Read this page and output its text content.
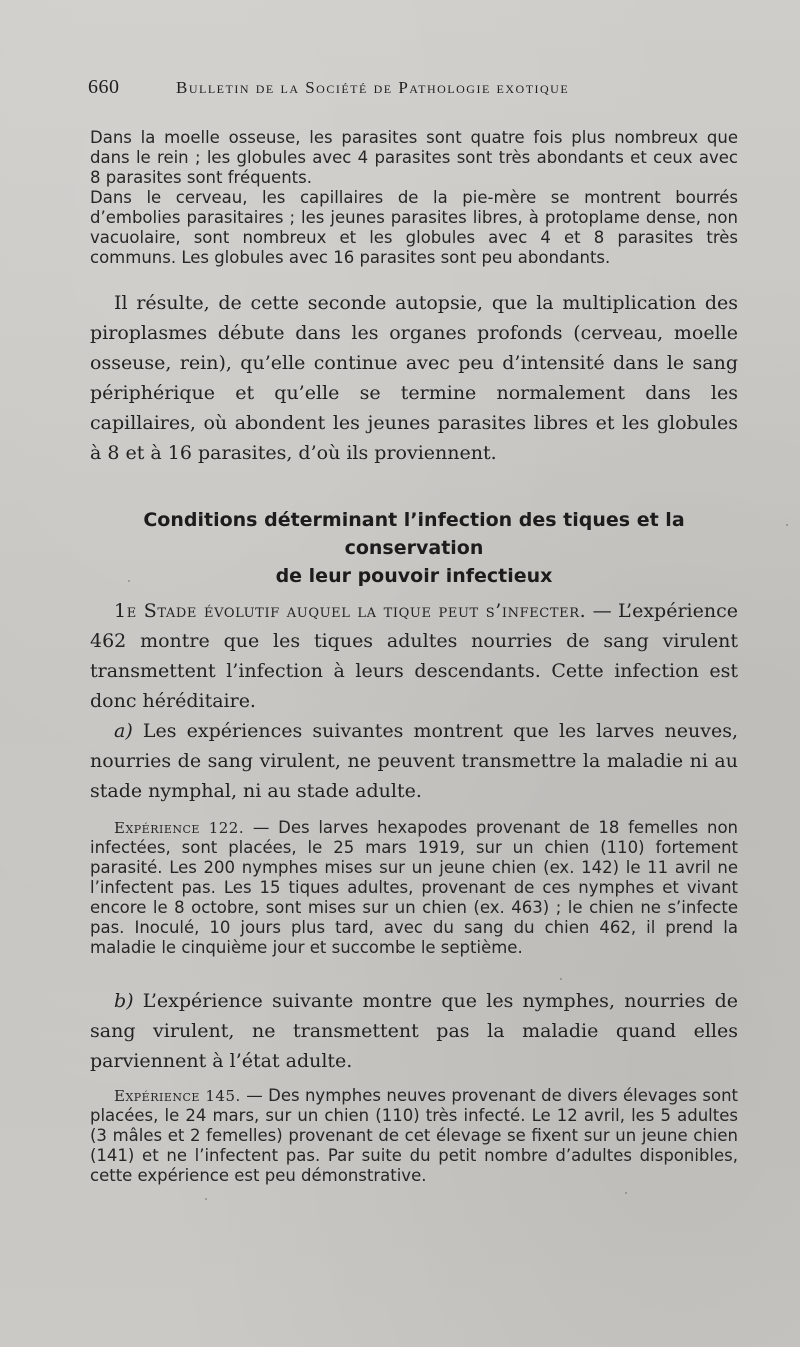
660	Bulletin de la Société de Pathologie exotique

Dans la moelle osseuse, les parasites sont quatre fois plus nombreux que dans le rein ; les globules avec 4 parasites sont très abondants et ceux avec 8 parasites sont fréquents.

Dans le cerveau, les capillaires de la pie-mère se montrent bourrés d’embolies parasitaires ; les jeunes parasites libres, à protoplame dense, non vacuolaire, sont nombreux et les globules avec 4 et 8 parasites très communs. Les globules avec 16 parasites sont peu abondants.

Il résulte, de cette seconde autopsie, que la multiplication des piroplasmes débute dans les organes profonds (cerveau, moelle osseuse, rein), qu’elle continue avec peu d’intensité dans le sang périphérique et qu’elle se termine normalement dans les capillaires, où abondent les jeunes parasites libres et les globules à 8 et à 16 parasites, d’où ils proviennent.

Conditions déterminant l’infection des tiques et la conservation
de leur pouvoir infectieux

1e Stade évolutif auquel la tique peut s’infecter. — L’expérience 462 montre que les tiques adultes nourries de sang virulent transmettent l’infection à leurs descendants. Cette infection est donc héréditaire.

a) Les expériences suivantes montrent que les larves neuves, nourries de sang virulent, ne peuvent transmettre la maladie ni au stade nymphal, ni au stade adulte.

Expérience 122. — Des larves hexapodes provenant de 18 femelles non infectées, sont placées, le 25 mars 1919, sur un chien (110) fortement parasité. Les 200 nymphes mises sur un jeune chien (ex. 142) le 11 avril ne l’infectent pas. Les 15 tiques adultes, provenant de ces nymphes et vivant encore le 8 octobre, sont mises sur un chien (ex. 463) ; le chien ne s’infecte pas. Inoculé, 10 jours plus tard, avec du sang du chien 462, il prend la maladie le cinquième jour et succombe le septième.

b) L’expérience suivante montre que les nymphes, nourries de sang virulent, ne transmettent pas la maladie quand elles parviennent à l’état adulte.

Expérience 145. — Des nymphes neuves provenant de divers élevages sont placées, le 24 mars, sur un chien (110) très infecté. Le 12 avril, les 5 adultes (3 mâles et 2 femelles) provenant de cet élevage se fixent sur un jeune chien (141) et ne l’infectent pas. Par suite du petit nombre d’adultes disponibles, cette expérience est peu démonstrative.
